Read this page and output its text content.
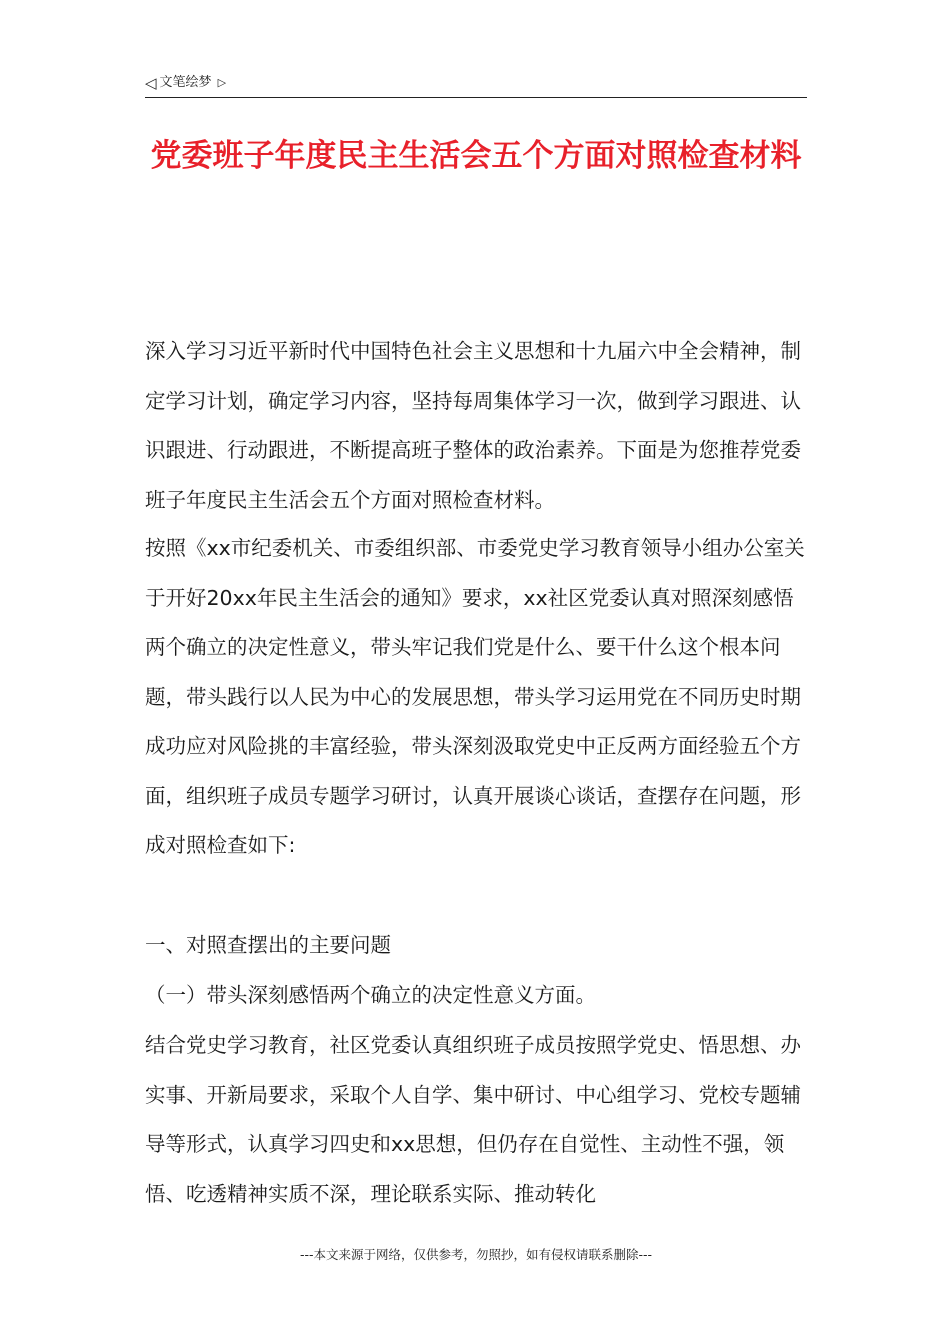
◁ 文笔绘梦 ▷
党委班子年度民主生活会五个方面对照检查材料

深入学习习近平新时代中国特色社会主义思想和十九届六中全会精神，制定学习计划，确定学习内容，坚持每周集体学习一次，做到学习跟进、认识跟进、行动跟进，不断提高班子整体的政治素养。下面是为您推荐党委班子年度民主生活会五个方面对照检查材料。

按照《xx市纪委机关、市委组织部、市委党史学习教育领导小组办公室关于开好20xx年民主生活会的通知》要求，xx社区党委认真对照深刻感悟两个确立的决定性意义，带头牢记我们党是什么、要干什么这个根本问题，带头践行以人民为中心的发展思想，带头学习运用党在不同历史时期成功应对风险挑的丰富经验，带头深刻汲取党史中正反两方面经验五个方面，组织班子成员专题学习研讨，认真开展谈心谈话，查摆存在问题，形成对照检查如下:

一、对照查摆出的主要问题

（一）带头深刻感悟两个确立的决定性意义方面。

结合党史学习教育，社区党委认真组织班子成员按照学党史、悟思想、办实事、开新局要求，采取个人自学、集中研讨、中心组学习、党校专题辅导等形式，认真学习四史和xx思想，但仍存在自觉性、主动性不强，领悟、吃透精神实质不深，理论联系实际、推动转化

---本文来源于网络，仅供参考，勿照抄，如有侵权请联系删除---
